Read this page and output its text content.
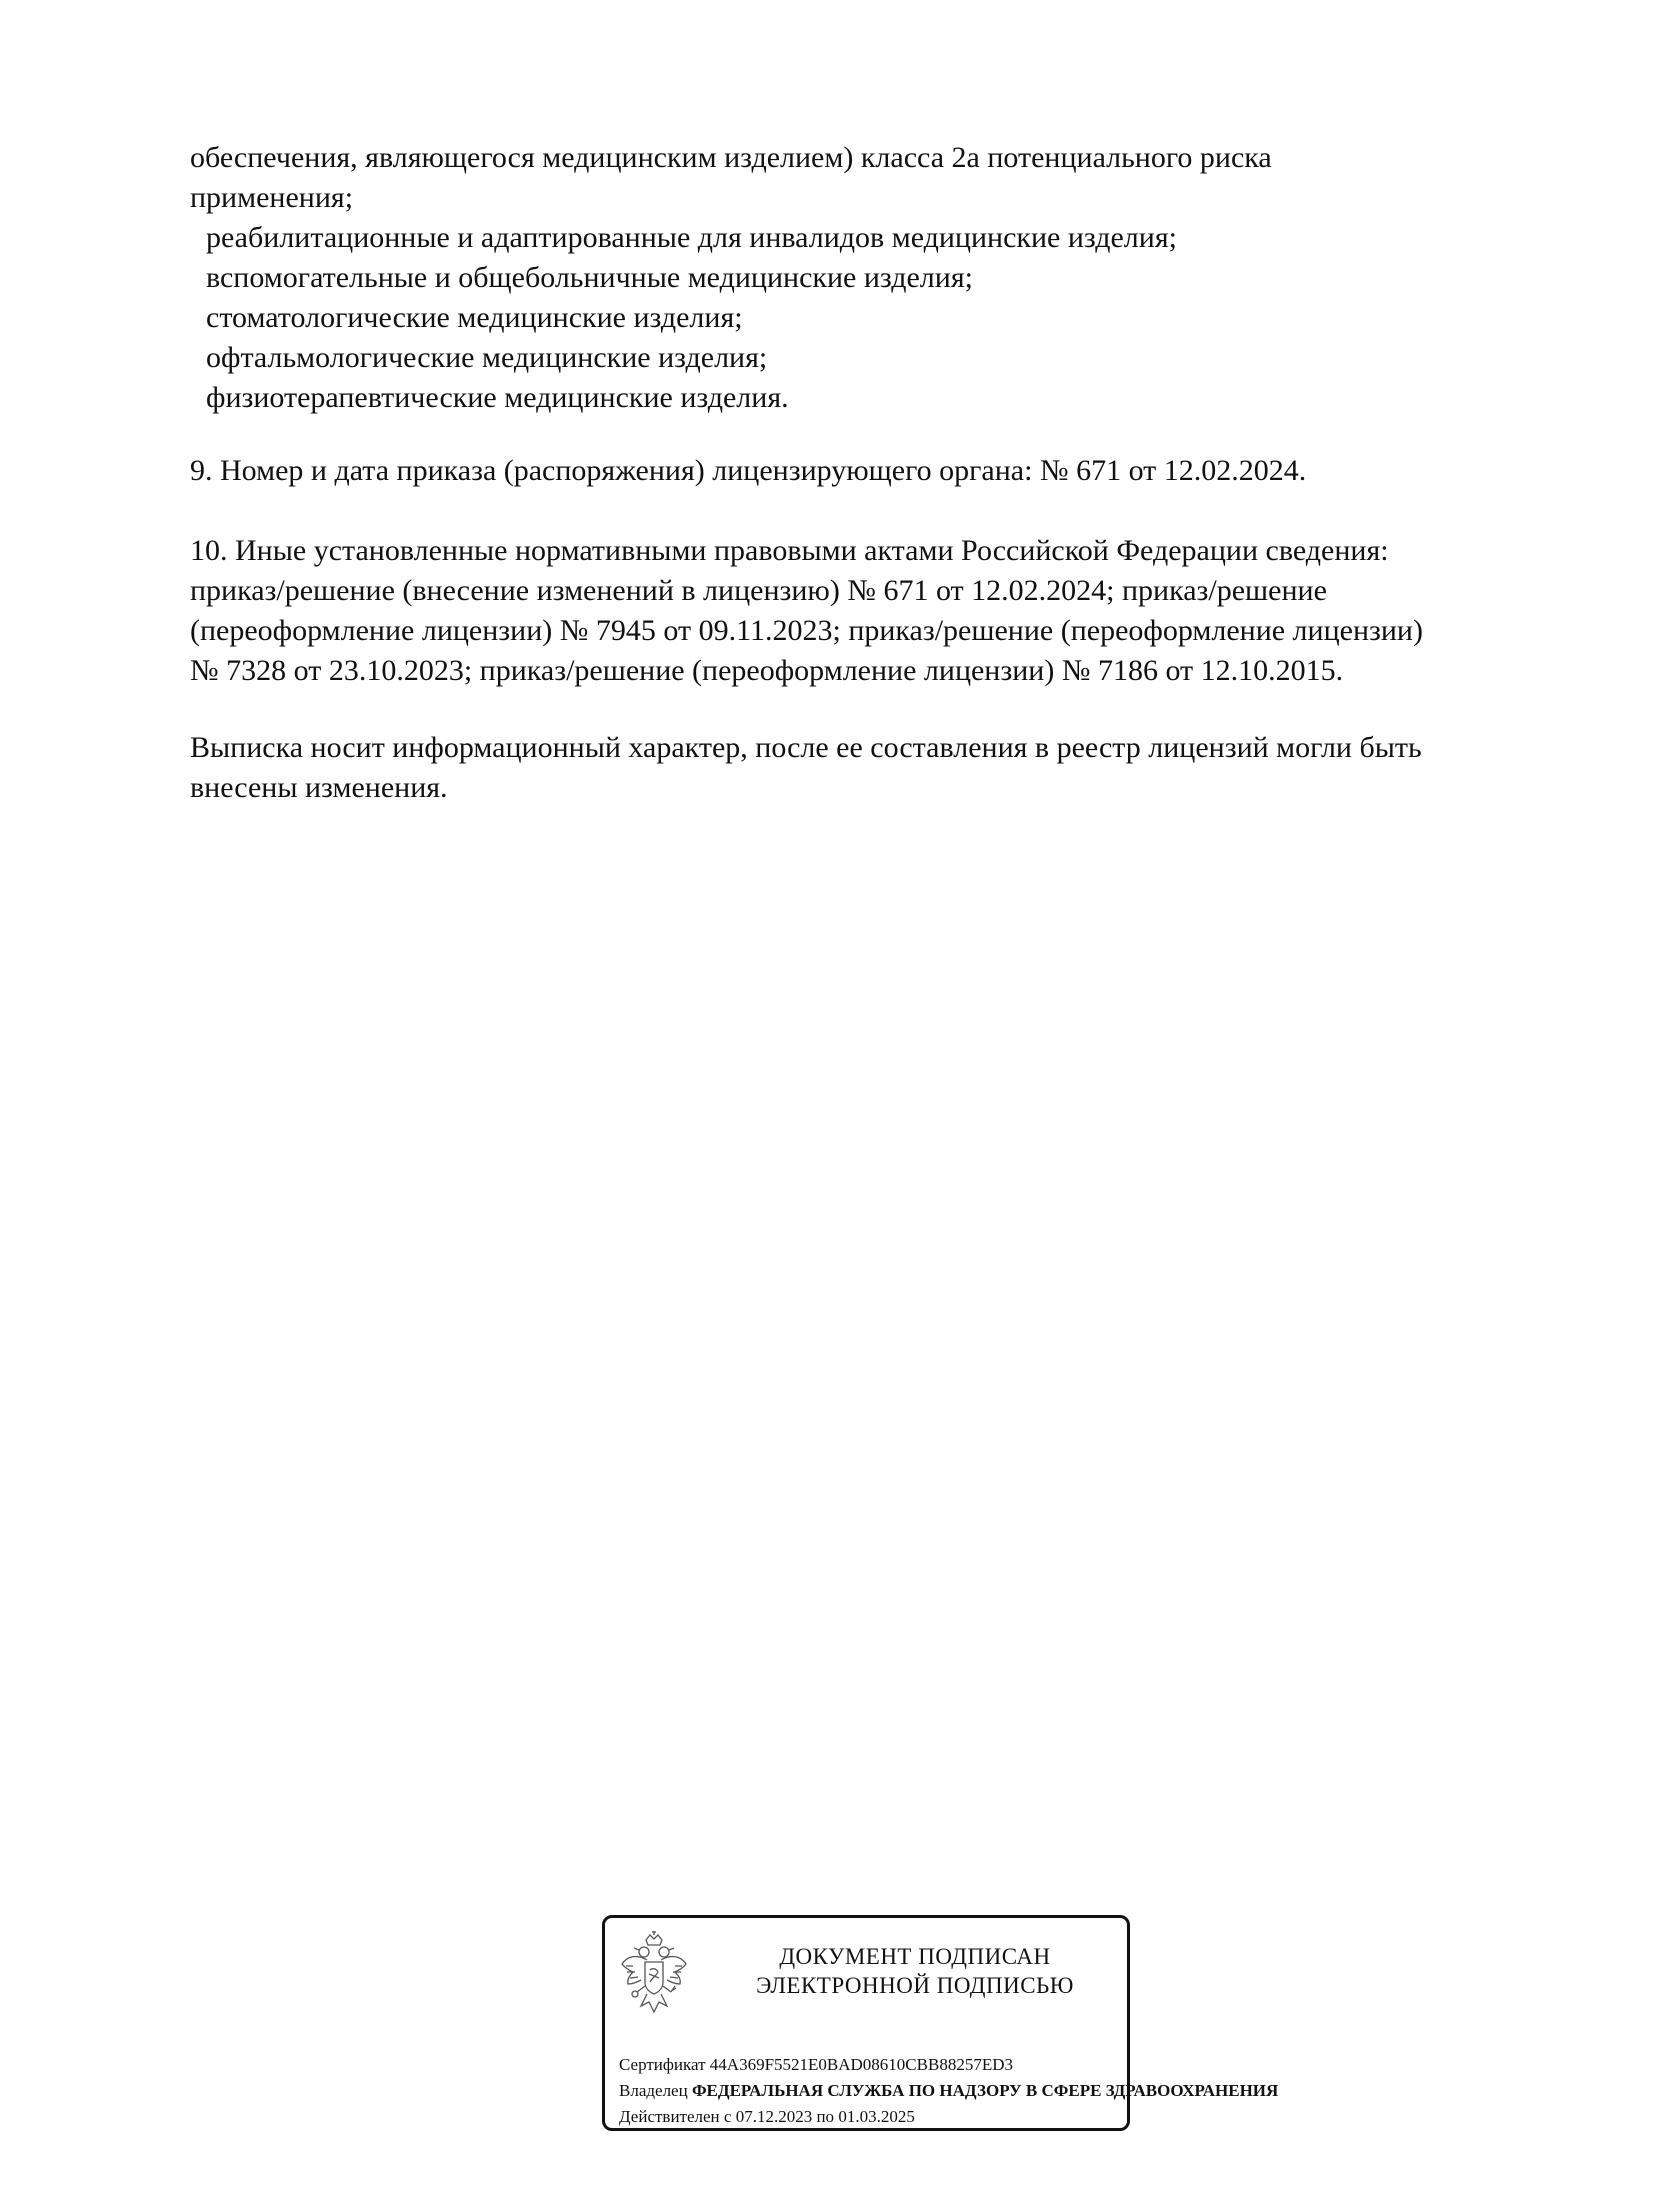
обеспечения, являющегося медицинским изделием) класса 2а потенциального риска
применения;
реабилитационные и адаптированные для инвалидов медицинские изделия;
вспомогательные и общебольничные медицинские изделия;
стоматологические медицинские изделия;
офтальмологические медицинские изделия;
физиотерапевтические медицинские изделия.
9. Номер и дата приказа (распоряжения) лицензирующего органа: № 671 от 12.02.2024.
10. Иные установленные нормативными правовыми актами Российской Федерации сведения:
приказ/решение (внесение изменений в лицензию) № 671 от 12.02.2024; приказ/решение
(переоформление лицензии) № 7945 от 09.11.2023; приказ/решение (переоформление лицензии)
№ 7328 от 23.10.2023; приказ/решение (переоформление лицензии) № 7186 от 12.10.2015.
Выписка носит информационный характер, после ее составления в реестр лицензий могли быть
внесены изменения.
ДОКУМЕНТ ПОДПИСАН
ЭЛЕКТРОННОЙ ПОДПИСЬЮ
Сертификат 44A369F5521E0BAD08610CBB88257ED3
Владелец ФЕДЕРАЛЬНАЯ СЛУЖБА ПО НАДЗОРУ В СФЕРЕ ЗДРАВООХРАНЕНИЯ
Действителен с 07.12.2023 по 01.03.2025
